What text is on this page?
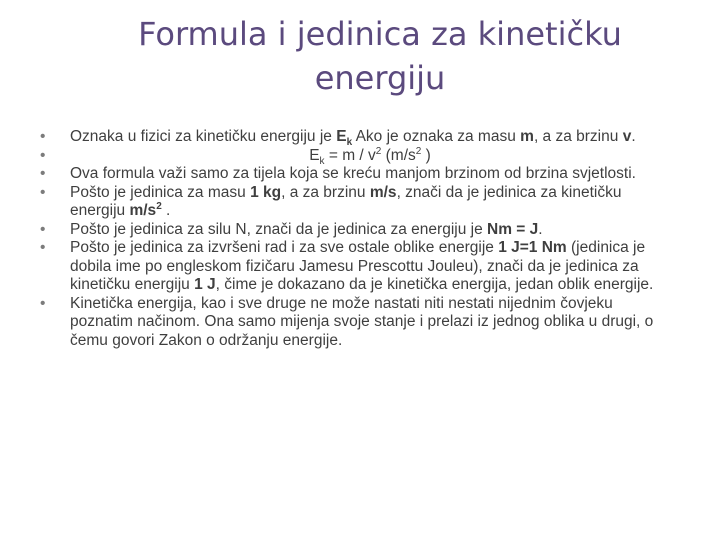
Formula i jedinica za kinetičku
energiju
• Oznaka u fizici za kinetičku energiju je $E_k$ Ako je oznaka za masu m, a za brzinu v.
• $E_k = m / v^2$ ($m/s^2$ )
• Ova formula važi samo za tijela koja se kreću manjom brzinom od brzina svjetlosti.
• Pošto je jedinica za masu 1 kg, a za brzinu m/s, znači da je jedinica za kinetičku energiju $m/s^2$ .
• Pošto je jedinica za silu N, znači da je jedinica za energiju je Nm = J.
• Pošto je jedinica za izvršeni rad i za sve ostale oblike energije 1 J=1 Nm (jedinica je dobila ime po engleskom fizičaru Jamesu Prescottu Jouleu), znači da je jedinica za kinetičku energiju 1 J, čime je dokazano da je kinetička energija, jedan oblik energije.
• Kinetička energija, kao i sve druge ne može nastati niti nestati nijednim čovjeku poznatim načinom. Ona samo mijenja svoje stanje i prelazi iz jednog oblika u drugi, o čemu govori Zakon o održanju energije.
